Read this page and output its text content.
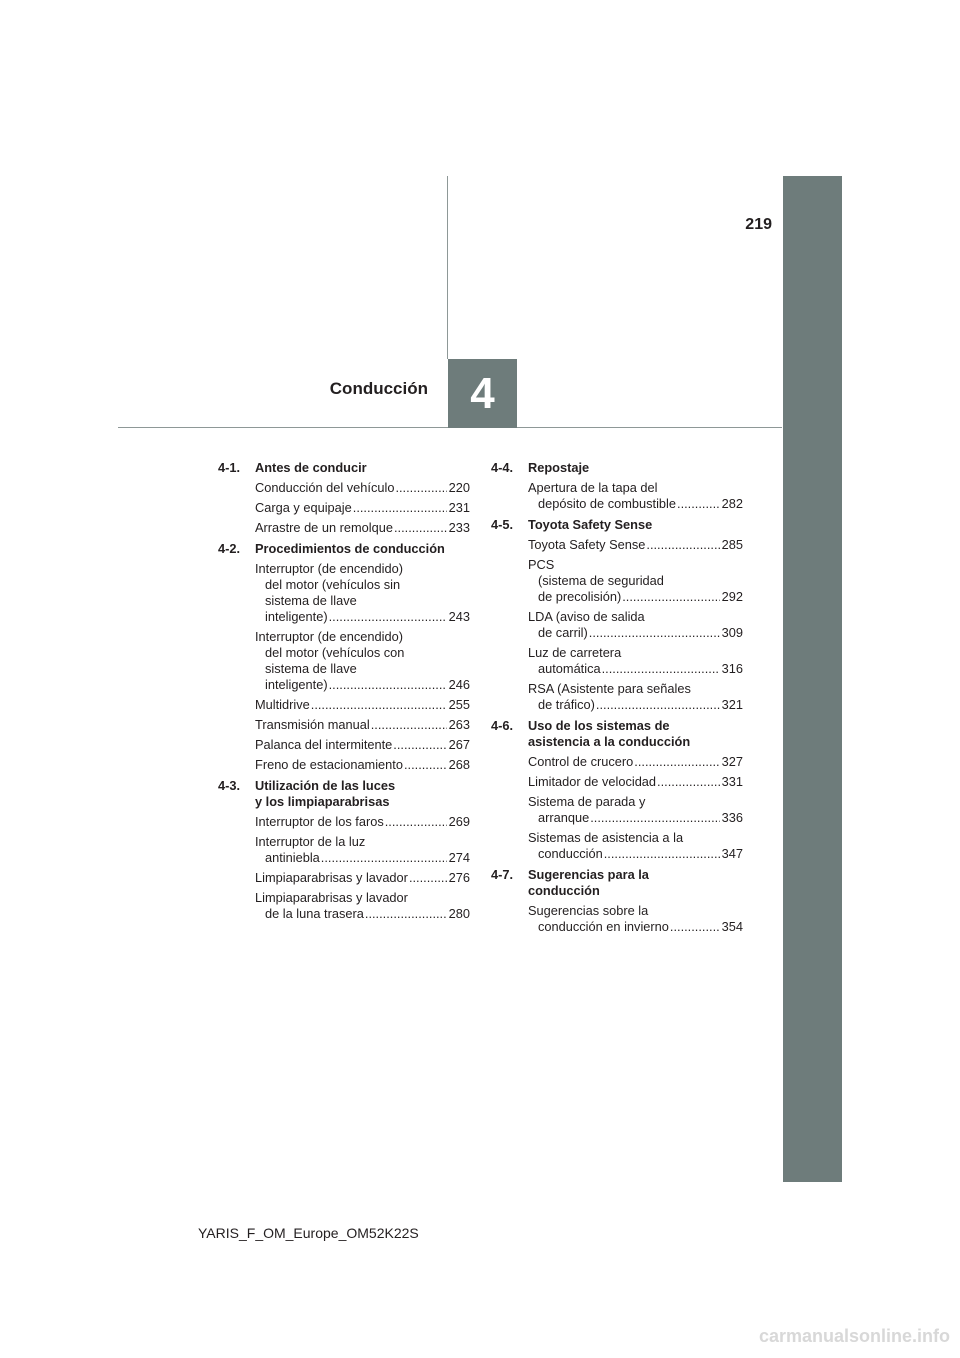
219
4
Conducción
4-1.	Antes de conducir
Conducción del vehículo .....	220
Carga y equipaje .....	231
Arrastre de un remolque .....	233
4-2.	Procedimientos de conducción
Interruptor (de encendido)
del motor (vehículos sin
sistema de llave
inteligente) .....	243
Interruptor (de encendido)
del motor (vehículos con
sistema de llave
inteligente) .....	246
Multidrive .....	255
Transmisión manual .....	263
Palanca del intermitente .....	267
Freno de estacionamiento .....	268
4-3.	Utilización de las luces
y los limpiaparabrisas
Interruptor de los faros .....	269
Interruptor de la luz
antiniebla .....	274
Limpiaparabrisas y lavador .....	276
Limpiaparabrisas y lavador
de la luna trasera .....	280
4-4.	Repostaje
Apertura de la tapa del
depósito de combustible .....	282
4-5.	Toyota Safety Sense
Toyota Safety Sense .....	285
PCS
(sistema de seguridad
de precolisión) .....	292
LDA (aviso de salida
de carril) .....	309
Luz de carretera
automática .....	316
RSA (Asistente para señales
de tráfico) .....	321
4-6.	Uso de los sistemas de
asistencia a la conducción
Control de crucero .....	327
Limitador de velocidad .....	331
Sistema de parada y
arranque .....	336
Sistemas de asistencia a la
conducción .....	347
4-7.	Sugerencias para la
conducción
Sugerencias sobre la
conducción en invierno .....	354
YARIS_F_OM_Europe_OM52K22S
carmanualsonline.info
